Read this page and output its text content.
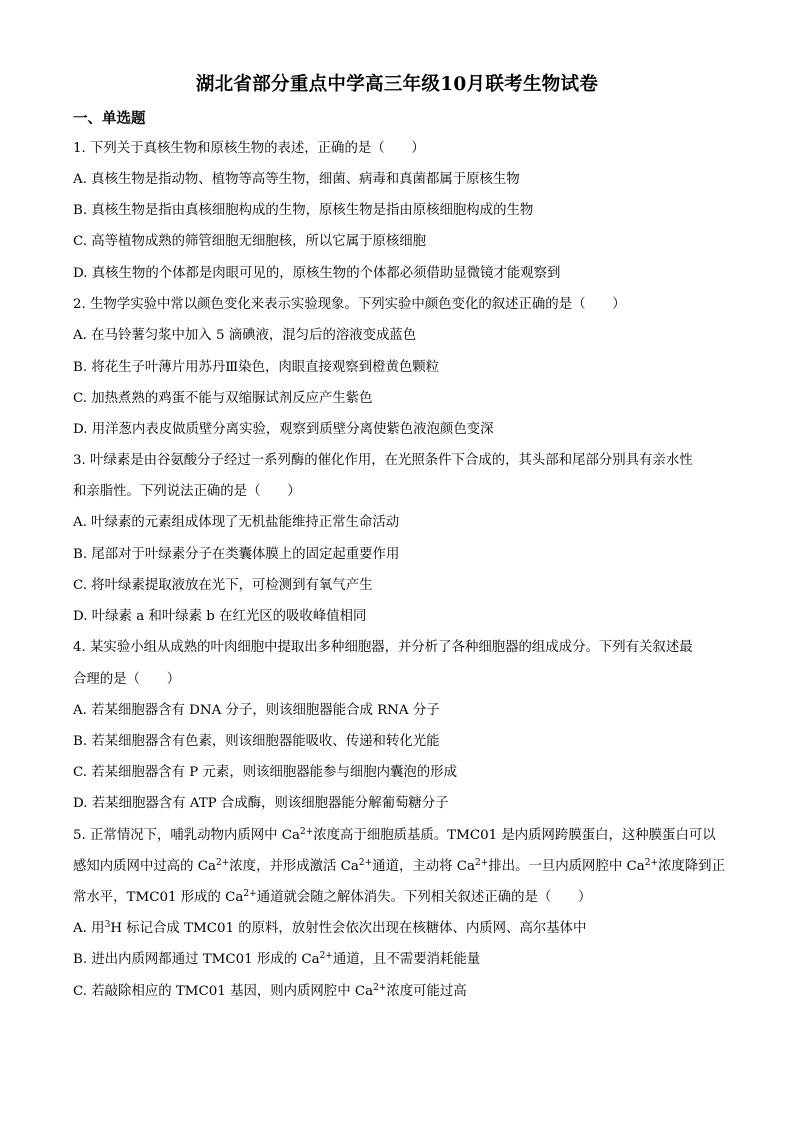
湖北省部分重点中学高三年级10月联考生物试卷
一、单选题
1. 下列关于真核生物和原核生物的表述，正确的是（　　）
A. 真核生物是指动物、植物等高等生物，细菌、病毒和真菌都属于原核生物
B. 真核生物是指由真核细胞构成的生物，原核生物是指由原核细胞构成的生物
C. 高等植物成熟的筛管细胞无细胞核，所以它属于原核细胞
D. 真核生物的个体都是肉眼可见的，原核生物的个体都必须借助显微镜才能观察到
2. 生物学实验中常以颜色变化来表示实验现象。下列实验中颜色变化的叙述正确的是（　　）
A. 在马铃薯匀浆中加入 5 滴碘液，混匀后的溶液变成蓝色
B. 将花生子叶薄片用苏丹Ⅲ染色，肉眼直接观察到橙黄色颗粒
C. 加热煮熟的鸡蛋不能与双缩脲试剂反应产生紫色
D. 用洋葱内表皮做质壁分离实验，观察到质壁分离使紫色液泡颜色变深
3. 叶绿素是由谷氨酸分子经过一系列酶的催化作用，在光照条件下合成的，其头部和尾部分别具有亲水性
和亲脂性。下列说法正确的是（　　）
A. 叶绿素的元素组成体现了无机盐能维持正常生命活动
B. 尾部对于叶绿素分子在类囊体膜上的固定起重要作用
C. 将叶绿素提取液放在光下，可检测到有氧气产生
D. 叶绿素 a 和叶绿素 b 在红光区的吸收峰值相同
4. 某实验小组从成熟的叶肉细胞中提取出多种细胞器，并分析了各种细胞器的组成成分。下列有关叙述最
合理的是（　　）
A. 若某细胞器含有 DNA 分子，则该细胞器能合成 RNA 分子
B. 若某细胞器含有色素，则该细胞器能吸收、传递和转化光能
C. 若某细胞器含有 P 元素，则该细胞器能参与细胞内囊泡的形成
D. 若某细胞器含有 ATP 合成酶，则该细胞器能分解葡萄糖分子
5. 正常情况下，哺乳动物内质网中 $Ca^{2+}$浓度高于细胞质基质。TMC01 是内质网跨膜蛋白，这种膜蛋白可以
感知内质网中过高的 $Ca^{2+}$浓度，并形成激活 $Ca^{2+}$通道，主动将 $Ca^{2+}$排出。一旦内质网腔中 $Ca^{2+}$浓度降到正
常水平，TMC01 形成的 $Ca^{2+}$通道就会随之解体消失。下列相关叙述正确的是（　　）
A. 用$^3$H 标记合成 TMC01 的原料，放射性会依次出现在核糖体、内质网、高尔基体中
B. 进出内质网都通过 TMC01 形成的 $Ca^{2+}$通道，且不需要消耗能量
C. 若敲除相应的 TMC01 基因，则内质网腔中 $Ca^{2+}$浓度可能过高
